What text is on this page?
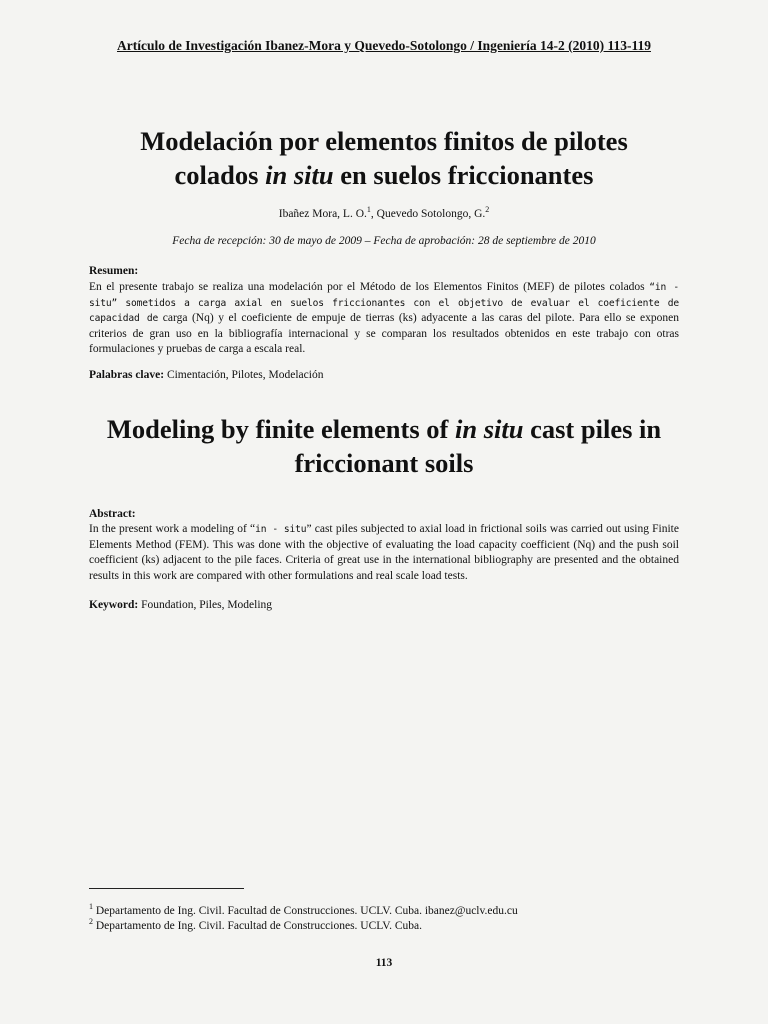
Artículo de Investigación Ibanez-Mora y Quevedo-Sotolongo / Ingeniería 14-2 (2010) 113-119
Modelación por elementos finitos de pilotes
colados in situ en suelos friccionantes
Ibañez Mora, L. O.$^1$, Quevedo Sotolongo, G.$^2$
Fecha de recepción: 30 de mayo de 2009 – Fecha de aprobación: 28 de septiembre de 2010
Resumen:
En el presente trabajo se realiza una modelación por el Método de los Elementos Finitos (MEF) de pilotes colados “in - situ” sometidos a carga axial en suelos friccionantes con el objetivo de evaluar el coeficiente de capacidad de carga (Nq) y el coeficiente de empuje de tierras (ks) adyacente a las caras del pilote. Para ello se exponen criterios de gran uso en la bibliografía internacional y se comparan los resultados obtenidos en este trabajo con otras formulaciones y pruebas de carga a escala real.
Palabras clave: Cimentación, Pilotes, Modelación
Modeling by finite elements of in situ cast piles in
friccionant soils
Abstract:
In the present work a modeling of “in - situ” cast piles subjected to axial load in frictional soils was carried out using Finite Elements Method (FEM). This was done with the objective of evaluating the load capacity coefficient (Nq) and the push soil coefficient (ks) adjacent to the pile faces. Criteria of great use in the international bibliography are presented and the obtained results in this work are compared with other formulations and real scale load tests.
Keyword: Foundation, Piles, Modeling
$^1$ Departamento de Ing. Civil. Facultad de Construcciones. UCLV. Cuba. ibanez@uclv.edu.cu
$^2$ Departamento de Ing. Civil. Facultad de Construcciones. UCLV. Cuba.
113
